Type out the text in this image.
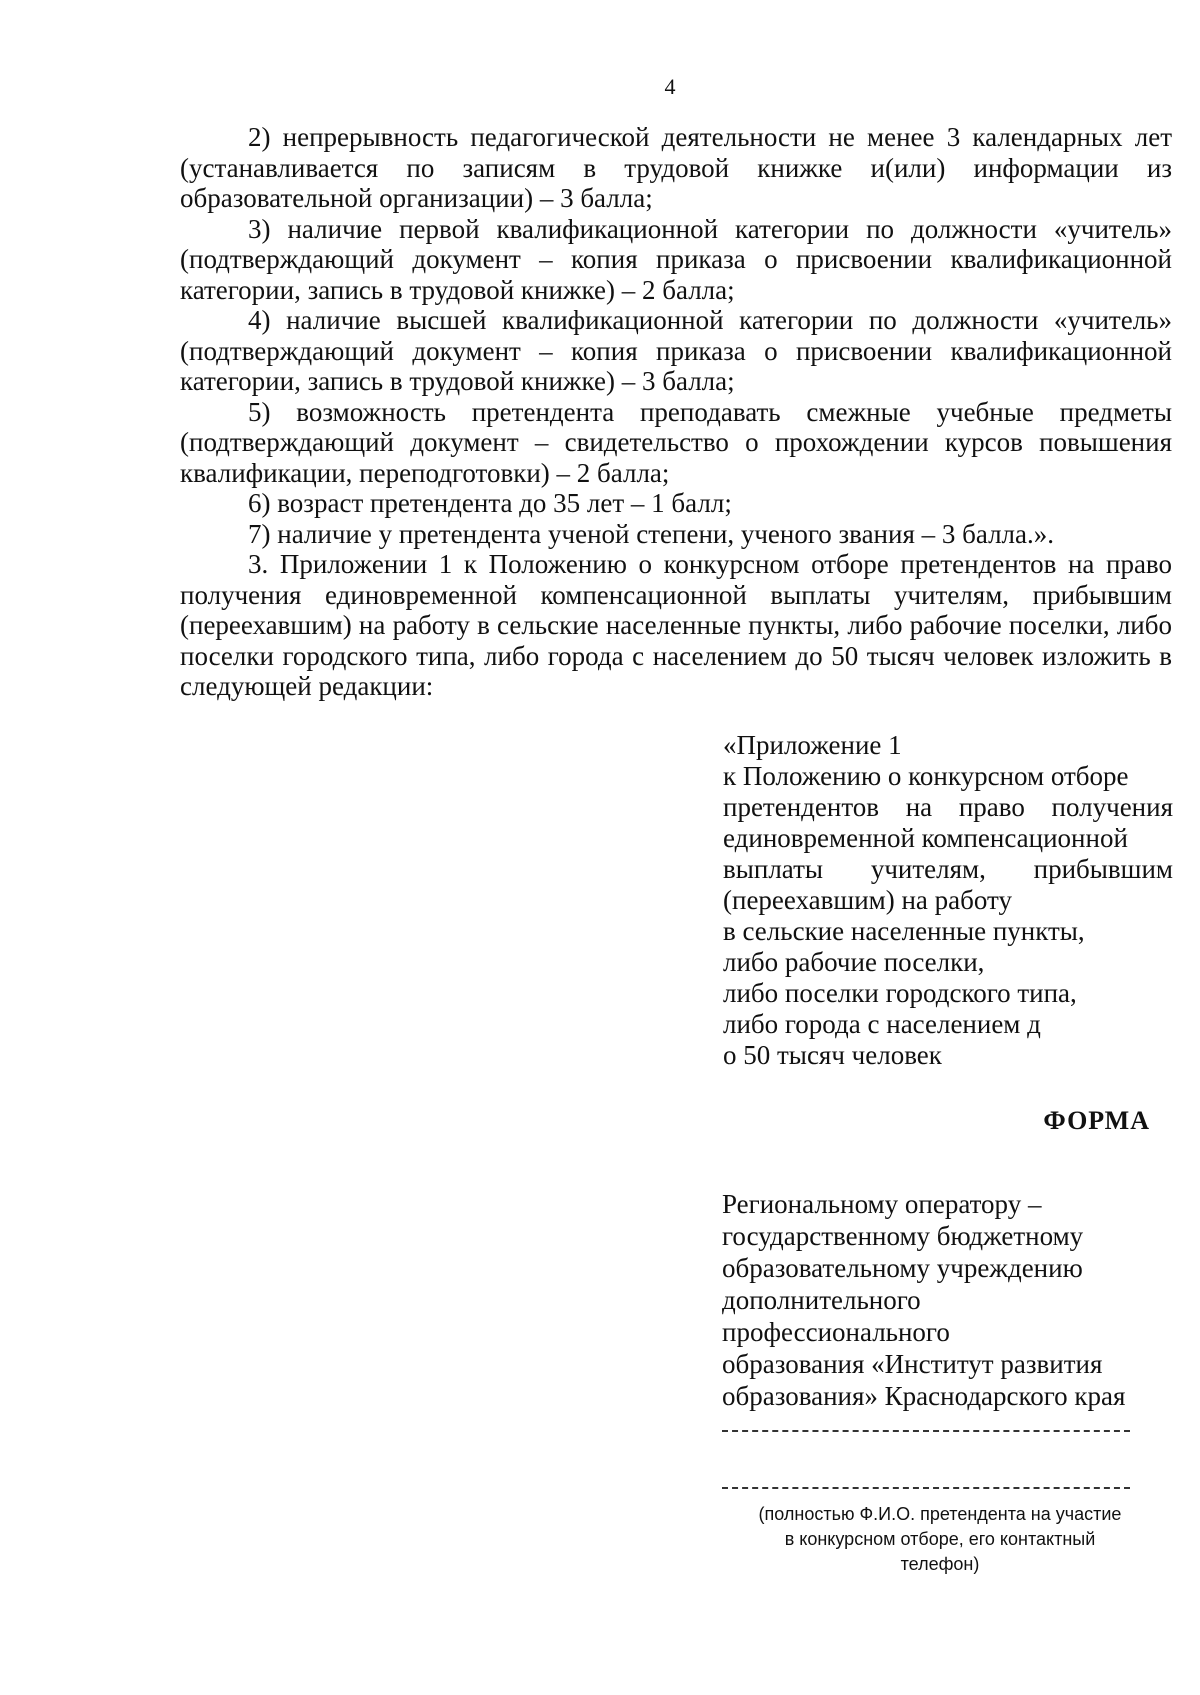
4

2) непрерывность педагогической деятельности не менее 3 календарных лет (устанавливается по записям в трудовой книжке и(или) информации из образовательной организации) – 3 балла;

3) наличие первой квалификационной категории по должности «учитель» (подтверждающий документ – копия приказа о присвоении квалификационной категории, запись в трудовой книжке) – 2 балла;

4) наличие высшей квалификационной категории по должности «учитель» (подтверждающий документ – копия приказа о присвоении квалификационной категории, запись в трудовой книжке) – 3 балла;

5) возможность претендента преподавать смежные учебные предметы (подтверждающий документ – свидетельство о прохождении курсов повышения квалификации, переподготовки) – 2 балла;

6) возраст претендента до 35 лет – 1 балл;

7) наличие у претендента ученой степени, ученого звания – 3 балла.».

3. Приложении 1 к Положению о конкурсном отборе претендентов на право получения единовременной компенсационной выплаты учителям, прибывшим (переехавшим) на работу в сельские населенные пункты, либо рабочие поселки, либо поселки городского типа, либо города с населением до 50 тысяч человек изложить в следующей редакции:

«Приложение 1
к Положению о конкурсном отборе
претендентов на право получения
единовременной компенсационной
выплаты учителям, прибывшим
(переехавшим) на работу
в сельские населенные пункты,
либо рабочие поселки,
либо поселки городского типа,
либо города с населением д
о 50 тысяч человек
ФОРМА
Региональному оператору –
государственному бюджетному
образовательному учреждению
дополнительного
профессионального
образования «Институт развития
образования» Краснодарского края
(полностью Ф.И.О. претендента на участие
в конкурсном отборе, его контактный
телефон)
